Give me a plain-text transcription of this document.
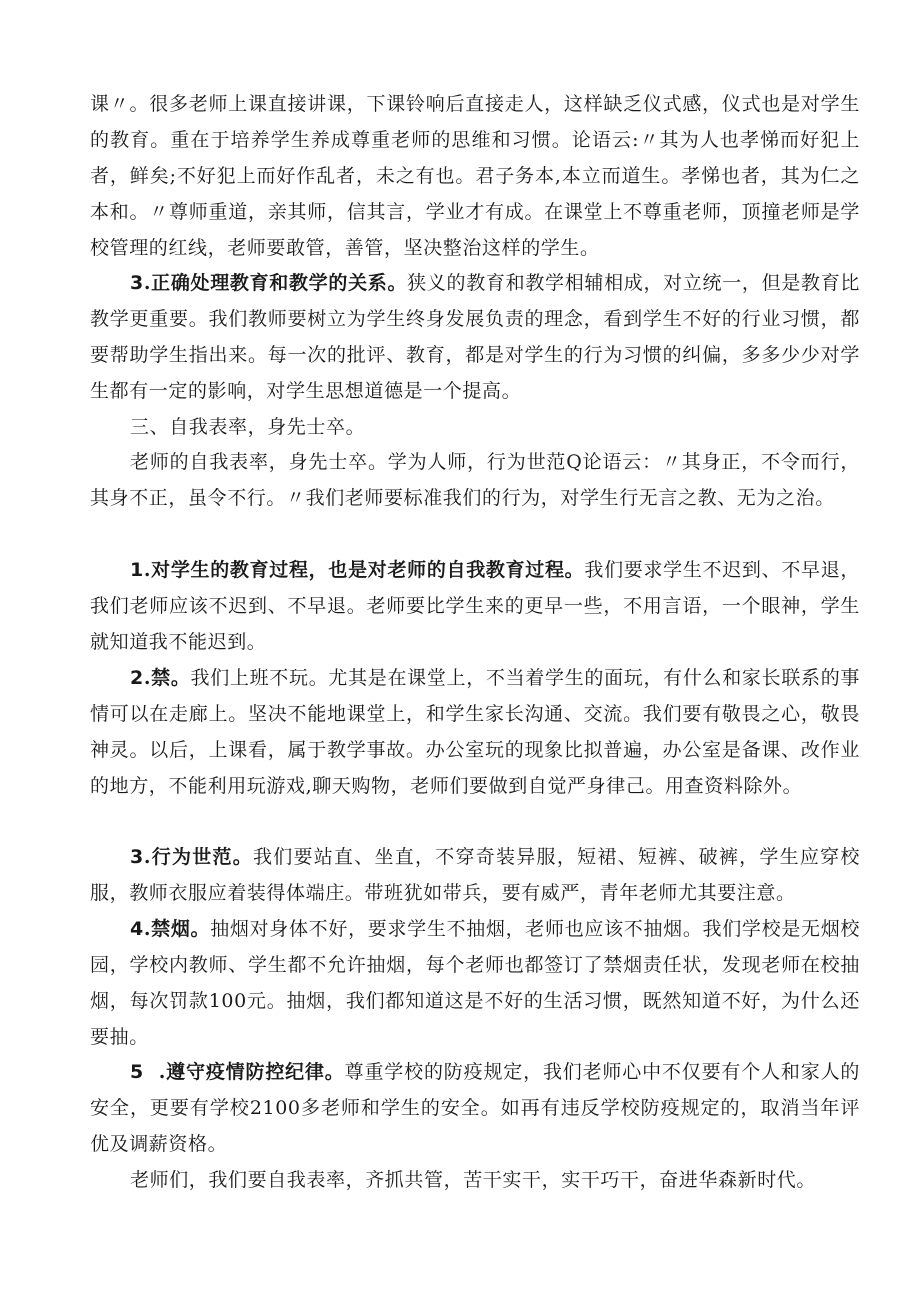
课〃。很多老师上课直接讲课，下课铃响后直接走人，这样缺乏仪式感，仪式也是对学生的教育。重在于培养学生养成尊重老师的思维和习惯。论语云:〃其为人也孝悌而好犯上者，鲜矣;不好犯上而好作乱者，未之有也。君子务本,本立而道生。孝悌也者，其为仁之本和。〃尊师重道，亲其师，信其言，学业才有成。在课堂上不尊重老师，顶撞老师是学校管理的红线，老师要敢管，善管，坚决整治这样的学生。

3.正确处理教育和教学的关系。狭义的教育和教学相辅相成，对立统一，但是教育比教学更重要。我们教师要树立为学生终身发展负责的理念，看到学生不好的行业习惯，都要帮助学生指出来。每一次的批评、教育，都是对学生的行为习惯的纠偏，多多少少对学生都有一定的影响，对学生思想道德是一个提高。

三、自我表率，身先士卒。

老师的自我表率，身先士卒。学为人师，行为世范Q论语云：〃其身正，不令而行，其身不正，虽令不行。〃我们老师要标准我们的行为，对学生行无言之教、无为之治。

1.对学生的教育过程，也是对老师的自我教育过程。我们要求学生不迟到、不早退，我们老师应该不迟到、不早退。老师要比学生来的更早一些，不用言语，一个眼神，学生就知道我不能迟到。

2.禁。我们上班不玩。尤其是在课堂上，不当着学生的面玩，有什么和家长联系的事情可以在走廊上。坚决不能地课堂上，和学生家长沟通、交流。我们要有敬畏之心，敬畏神灵。以后，上课看，属于教学事故。办公室玩的现象比拟普遍，办公室是备课、改作业的地方，不能利用玩游戏,聊天购物，老师们要做到自觉严身律己。用查资料除外。

3.行为世范。我们要站直、坐直，不穿奇装异服，短裙、短裤、破裤，学生应穿校服，教师衣服应着装得体端庄。带班犹如带兵，要有威严，青年老师尤其要注意。

4.禁烟。抽烟对身体不好，要求学生不抽烟，老师也应该不抽烟。我们学校是无烟校园，学校内教师、学生都不允许抽烟，每个老师也都签订了禁烟责任状，发现老师在校抽烟，每次罚款100元。抽烟，我们都知道这是不好的生活习惯，既然知道不好，为什么还要抽。

5  .遵守疫情防控纪律。尊重学校的防疫规定，我们老师心中不仅要有个人和家人的安全，更要有学校2100多老师和学生的安全。如再有违反学校防疫规定的，取消当年评优及调薪资格。

老师们，我们要自我表率，齐抓共管，苦干实干，实干巧干，奋进华森新时代。
